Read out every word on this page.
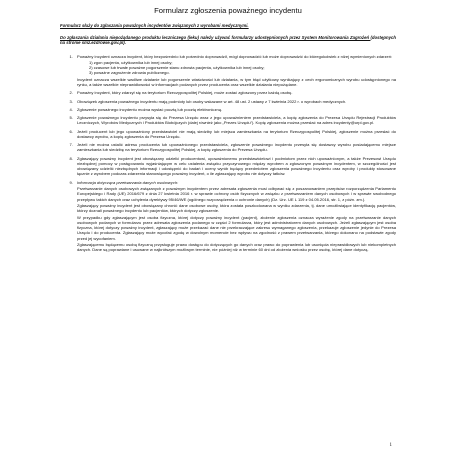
Formularz zgłoszenia poważnego incydentu

Formularz służy do zgłaszania poważnych incydentów związanych z wyrobami medycznymi.

Do zgłaszania działania niepożądanego produktu leczniczego (leku) należy używać formularzy udostępnionych przez System Monitorowania Zagrożeń (dostępnych na stronie smz.ezdrowie.gov.pl).

1. Poważny incydent oznacza incydent, który bezpośrednio lub pośrednio doprowadził, mógł doprowadzić lub może doprowadzić do któregokolwiek z niżej wymienionych zdarzeń:
1) zgon pacjenta, użytkownika lub innej osoby;
2) czasowe lub trwałe poważne pogorszenie stanu zdrowia pacjenta, użytkownika lub innej osoby;
3) poważne zagrożenie zdrowia publicznego.
Incydent oznacza wszelkie wadliwe działanie lub pogorszenie właściwości lub działania, w tym błąd użytkowy wynikający z cech ergonomicznych wyrobu udostępnionego na rynku, a także wszelkie nieprawidłowości w informacjach podanych przez producenta oraz wszelkie działania niepożądane.
2. Poważny incydent, który zdarzył się na terytorium Rzeczypospolitej Polskiej, może zostać zgłoszony przez każdą osobę.
3. Obowiązek zgłoszenia poważnego incydentu mają podmioty lub osoby wskazane w art. 48 ust. 2 ustawy z 7 kwietnia 2022 r. o wyrobach medycznych.
4. Zgłoszenie poważnego incydentu można wysłać pocztą lub pocztą elektroniczną.
5. Zgłoszenie poważnego incydentu przysyła się do Prezesa Urzędu wraz z jego upoważnieniem przedstawiciela, a kopię zgłoszenia do Prezesa Urzędu Rejestracji Produktów Leczniczych, Wyrobów Medycznych i Produktów Biobójczych (dalej również jako „Prezes Urzędu”). Kopię zgłoszenia można przesłać na adres incydenty@urpl.gov.pl.
6. Jeżeli producent lub jego upoważniony przedstawiciel nie mają siedziby lub miejsca zamieszkania na terytorium Rzeczypospolitej Polskiej, zgłoszenie można przesłać do dostawcy wyrobu, a kopię zgłoszenia do Prezesa Urzędu.
7. Jeżeli nie można ustalić adresu producenta lub upoważnionego przedstawiciela, zgłoszenie poważnego incydentu przesyła się dostawcy wyrobu posiadającemu miejsce zamieszkania lub siedzibę na terytorium Rzeczypospolitej Polskiej, a kopię zgłoszenia do Prezesa Urzędu.
8. Zgłaszający poważny incydent jest obowiązany udzielić producentowi, upoważnionemu przedstawicielowi i podmiotom przez nich upoważnionym, a także Prezesowi Urzędu niezbędnej pomocy w postępowaniu wyjaśniającym w celu ustalenia związku przyczynowego między wyrobem a zgłoszonym poważnym incydentem, w szczególności jest obowiązany udzielić niezbędnych informacji i udostępnić do badań i oceny wyrób będący przedmiotem zgłoszenia poważnego incydentu oraz wyroby i produkty stosowane łącznie z wyrobem podczas zdarzenia stanowiącego poważny incydent, o ile zgłaszający wyrobu nie dotyczy tatków.
9. Informacja dotycząca przetwarzania danych osobowych:
Przetwarzanie danych osobowych związanych z poważnym incydentem przez adresata zgłoszenia musi odbywać się z poszanowaniem przepisów rozporządzenia Parlamentu Europejskiego i Rady (UE) 2016/679 z dnia 27 kwietnia 2016 r. w sprawie ochrony osób fizycznych w związku z przetwarzaniem danych osobowych i w sprawie swobodnego przepływu takich danych oraz uchylenia dyrektywy 95/46/WE (ogólnego rozporządzenia o ochronie danych) (Dz. Urz. UE L 119 z 04.05.2016, str. 1, z późn. zm.).
Zgłaszający poważny incydent jest obowiązany chronić dane osobowe osoby, która została poszkodowana w wyniku zdarzenia, tj. dane umożliwiające identyfikację pacjentów, którzy doznali poważnego incydentu lub pacjentów, których dotyczy zgłoszenie.
W przypadku gdy zgłaszającym jest osoba fizyczna, której dotyczy poważny incydent (pacjent), złożenie zgłoszenia oznacza wyrażenie zgody na przetwarzanie danych osobowych podanych w formularzu przez adresata zgłoszenia podanego w części 2 formularza, który jest administratorem danych osobowych. Jeżeli zgłaszającym jest osoba fizyczna, której dotyczy poważny incydent, zgłaszający może przekazać dane nie przekraczające zakresu wymaganego zgłoszenia, przekazuje zgłoszenie jedynie do Prezesa Urzędu i do producenta. Zgłaszający może wycofać zgodę w dowolnym momencie bez wpływu na zgodność z prawem przetwarzania, którego dokonano na podstawie zgody przed jej wycofaniem.
Zgłaszającemu będącemu osobą fizyczną przysługuje prawo dostępu do dotyczących go danych oraz prawo do poprawienia lub usunięcia nieprawidłowych lub niekompletnych danych. Dane są poprawiane i usuwane w najkrótszym możliwym terminie, nie później niż w terminie 60 dni od złożenia wniosku przez osobę, której dane dotyczą.
1
